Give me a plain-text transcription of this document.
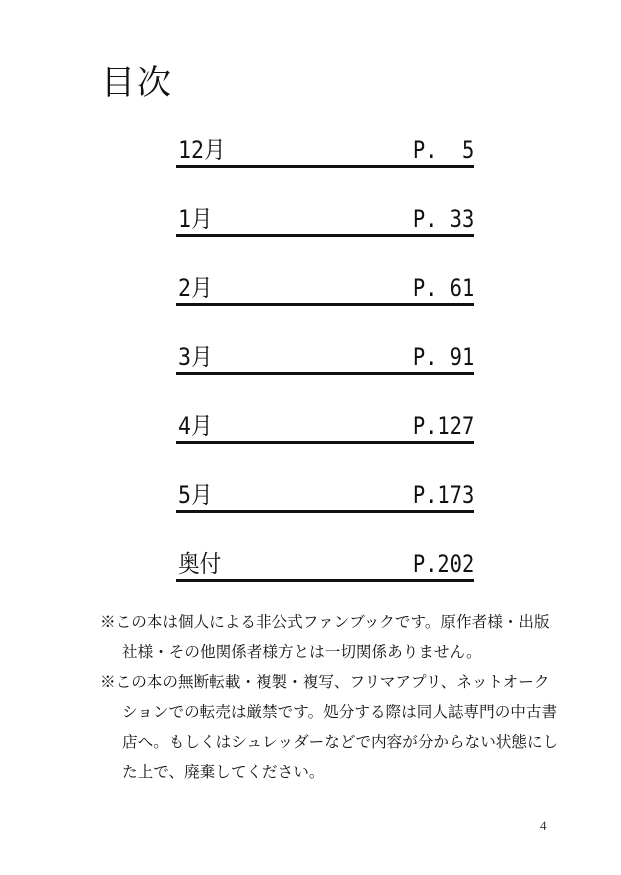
目次
12月	P.  5
1月	P. 33
2月	P. 61
3月	P. 91
4月	P.127
5月	P.173
奥付	P.202

※この本は個人による非公式ファンブックです。原作者様・出版社様・その他関係者様方とは一切関係ありません。

※この本の無断転載・複製・複写、フリマアプリ、ネットオークションでの転売は厳禁です。処分する際は同人誌専門の中古書店へ。もしくはシュレッダーなどで内容が分からない状態にした上で、廃棄してください。

4
